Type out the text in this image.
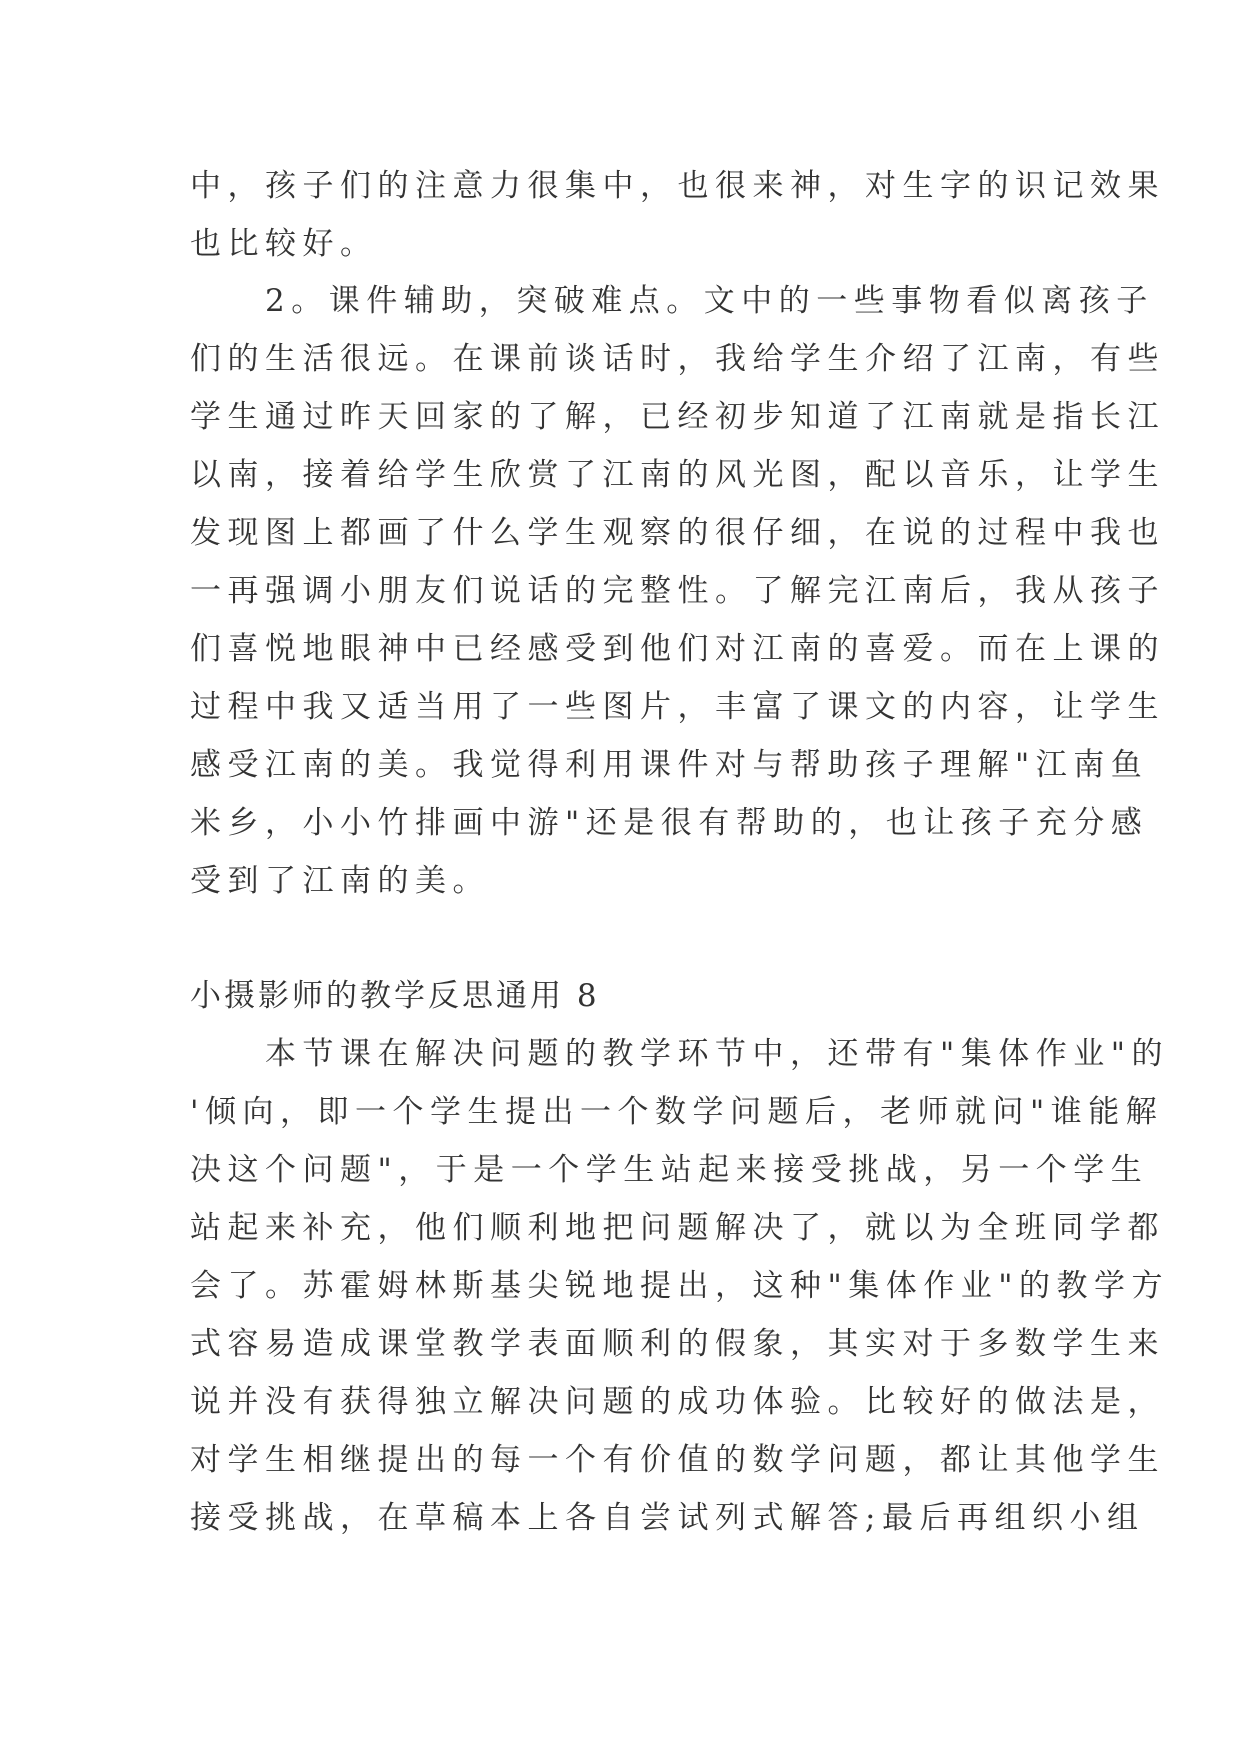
中，孩子们的注意力很集中，也很来神，对生字的识记效果
也比较好。
　　2。课件辅助，突破难点。文中的一些事物看似离孩子
们的生活很远。在课前谈话时，我给学生介绍了江南，有些
学生通过昨天回家的了解，已经初步知道了江南就是指长江
以南，接着给学生欣赏了江南的风光图，配以音乐，让学生
发现图上都画了什么学生观察的很仔细，在说的过程中我也
一再强调小朋友们说话的完整性。了解完江南后，我从孩子
们喜悦地眼神中已经感受到他们对江南的喜爱。而在上课的
过程中我又适当用了一些图片，丰富了课文的内容，让学生
感受江南的美。我觉得利用课件对与帮助孩子理解"江南鱼
米乡，小小竹排画中游"还是很有帮助的，也让孩子充分感
受到了江南的美。
小摄影师的教学反思通用 8
　　本节课在解决问题的教学环节中，还带有"集体作业"的
'倾向，即一个学生提出一个数学问题后，老师就问"谁能解
决这个问题"，于是一个学生站起来接受挑战，另一个学生
站起来补充，他们顺利地把问题解决了，就以为全班同学都
会了。苏霍姆林斯基尖锐地提出，这种"集体作业"的教学方
式容易造成课堂教学表面顺利的假象，其实对于多数学生来
说并没有获得独立解决问题的成功体验。比较好的做法是，
对学生相继提出的每一个有价值的数学问题，都让其他学生
接受挑战，在草稿本上各自尝试列式解答;最后再组织小组
